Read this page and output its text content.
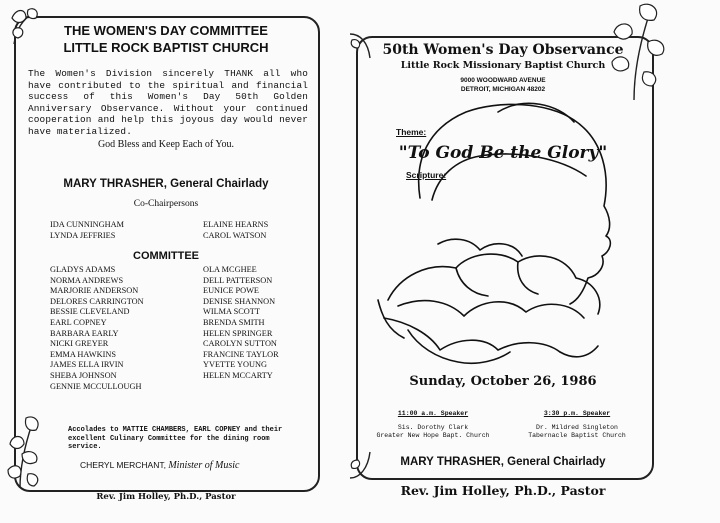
THE WOMEN'S DAY COMMITTEE
LITTLE ROCK BAPTIST CHURCH
The Women's Division sincerely THANK all who have contributed to the spiritual and financial success of this Women's Day 50th Golden Anniversary Observance. Without your continued cooperation and help this joyous day would never have materialized.
God Bless and Keep Each of You.
MARY THRASHER, General Chairlady
Co-Chairpersons
IDA CUNNINGHAM
LYNDA JEFFRIES
ELAINE HEARNS
CAROL WATSON
COMMITTEE
GLADYS ADAMS
NORMA ANDREWS
MARJORIE ANDERSON
DELORES CARRINGTON
BESSIE CLEVELAND
EARL COPNEY
BARBARA EARLY
NICKI GREYER
EMMA HAWKINS
JAMES ELLA IRVIN
SHEBA JOHNSON
GENNIE MCCULLOUGH
OLA MCGHEE
DELL PATTERSON
EUNICE POWE
DENISE SHANNON
WILMA SCOTT
BRENDA SMITH
HELEN SPRINGER
CAROLYN SUTTON
FRANCINE TAYLOR
YVETTE YOUNG
HELEN MCCARTY
Accolades to MATTIE CHAMBERS, EARL COPNEY and their excellent Culinary Committee for the dining room service.
CHERYL MERCHANT, Minister of Music
Rev. Jim Holley, Ph.D., Pastor
50th Women's Day Observance
Little Rock Missionary Baptist Church
9000 WOODWARD AVENUE
DETROIT, MICHIGAN 48202
Theme:
"To God Be the Glory"
Scripture:
Sunday, October 26, 1986
11:00 a.m. Speaker
Sis. Dorothy Clark
Greater New Hope Bapt. Church
3:30 p.m. Speaker
Dr. Mildred Singleton
Tabernacle Baptist Church
MARY THRASHER, General Chairlady
Rev. Jim Holley, Ph.D., Pastor
